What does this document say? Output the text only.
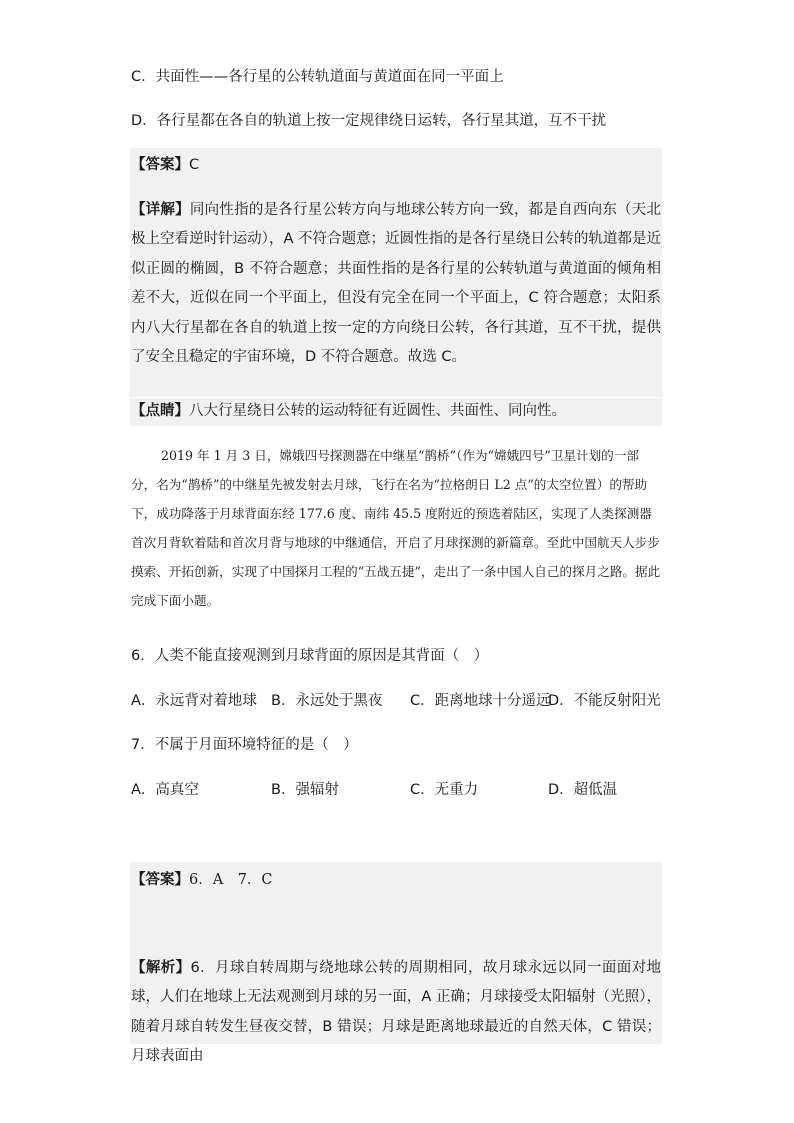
C．共面性——各行星的公转轨道面与黄道面在同一平面上
D．各行星都在各自的轨道上按一定规律绕日运转，各行星其道，互不干扰
【答案】C
【详解】同向性指的是各行星公转方向与地球公转方向一致，都是自西向东（天北极上空看逆时针运动），A 不符合题意；近圆性指的是各行星绕日公转的轨道都是近似正圆的椭圆，B 不符合题意；共面性指的是各行星的公转轨道与黄道面的倾角相差不大，近似在同一个平面上，但没有完全在同一个平面上，C 符合题意；太阳系内八大行星都在各自的轨道上按一定的方向绕日公转，各行其道，互不干扰，提供了安全且稳定的宇宙环境，D 不符合题意。故选 C。
【点睛】八大行星绕日公转的运动特征有近圆性、共面性、同向性。
2019 年 1 月 3 日，嫦娥四号探测器在中继星“鹊桥”（作为“嫦娥四号”卫星计划的一部分，名为“鹊桥”的中继星先被发射去月球，飞行在名为“拉格朗日 L2 点”的太空位置）的帮助下，成功降落于月球背面东经 177.6 度、南纬 45.5 度附近的预选着陆区，实现了人类探测器首次月背软着陆和首次月背与地球的中继通信，开启了月球探测的新篇章。至此中国航天人步步摸索、开拓创新，实现了中国探月工程的“五战五捷”，走出了一条中国人自己的探月之路。据此完成下面小题。
6．人类不能直接观测到月球背面的原因是其背面（　）
A．永远背对着地球 B．永远处于黑夜 C．距离地球十分遥远
D．不能反射阳光
7．不属于月面环境特征的是（　）
A．高真空	B．强辐射	C．无重力	D．超低温
【答案】6．A　7．C
【解析】6．月球自转周期与绕地球公转的周期相同，故月球永远以同一面面对地球，人们在地球上无法观测到月球的另一面，A 正确；月球接受太阳辐射（光照），随着月球自转发生昼夜交替，B 错误；月球是距离地球最近的自然天体，C 错误；月球表面由
